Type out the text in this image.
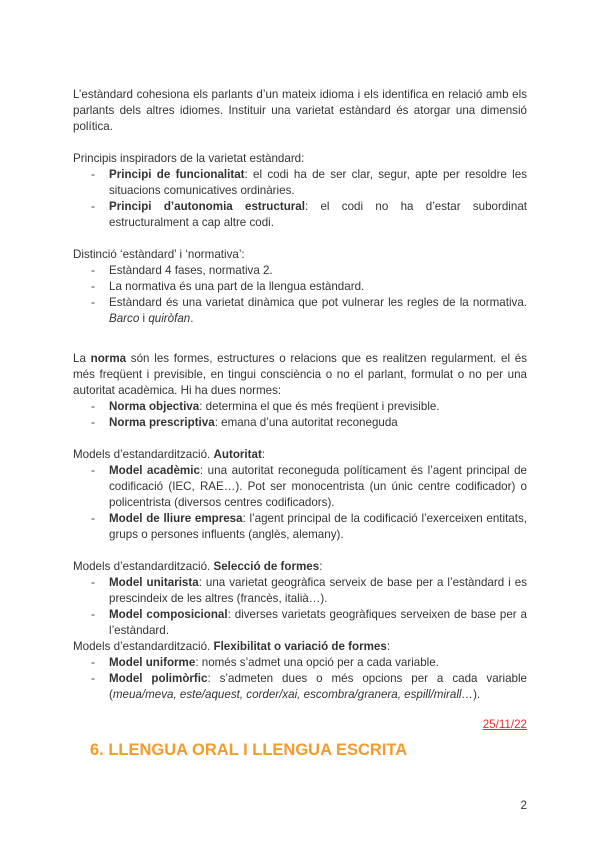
L’estàndard cohesiona els parlants d’un mateix idioma i els identifica en relació amb els parlants dels altres idiomes. Instituir una varietat estàndard és atorgar una dimensió política.

Principis inspiradors de la varietat estàndard:

- Principi de funcionalitat: el codi ha de ser clar, segur, apte per resoldre les situacions comunicatives ordinàries.
- Principi d’autonomia estructural: el codi no ha d’estar subordinat estructuralment a cap altre codi.

Distinció ‘estàndard’ i ‘normativa’:

- Estàndard 4 fases, normativa 2.
- La normativa és una part de la llengua estàndard.
- Estàndard és una varietat dinàmica que pot vulnerar les regles de la normativa. Barco i quiròfan.

La norma són les formes, estructures o relacions que es realitzen regularment. el és més freqüent i previsible, en tingui consciència o no el parlant, formulat o no per una autoritat acadèmica. Hi ha dues normes:

- Norma objectiva: determina el que és més freqüent i previsible.
- Norma prescriptiva: emana d’una autoritat reconeguda

Models d’estandardització. Autoritat:

- Model acadèmic: una autoritat reconeguda políticament és l’agent principal de codificació (IEC, RAE…). Pot ser monocentrista (un únic centre codificador) o policentrista (diversos centres codificadors).
- Model de lliure empresa: l’agent principal de la codificació l’exerceixen entitats, grups o persones influents (anglès, alemany).

Models d’estandardització. Selecció de formes:

- Model unitarista: una varietat geogràfica serveix de base per a l’estàndard i es prescindeix de les altres (francès, italià…).
- Model composicional: diverses varietats geogràfiques serveixen de base per a l’estàndard.

Models d’estandardització. Flexibilitat o variació de formes:

- Model uniforme: només s’admet una opció per a cada variable.
- Model polimòrfic: s’admeten dues o més opcions per a cada variable (meua/meva, este/aquest, corder/xai, escombra/granera, espill/mirall…).
25/11/22
6. LLENGUA ORAL I LLENGUA ESCRITA
2
